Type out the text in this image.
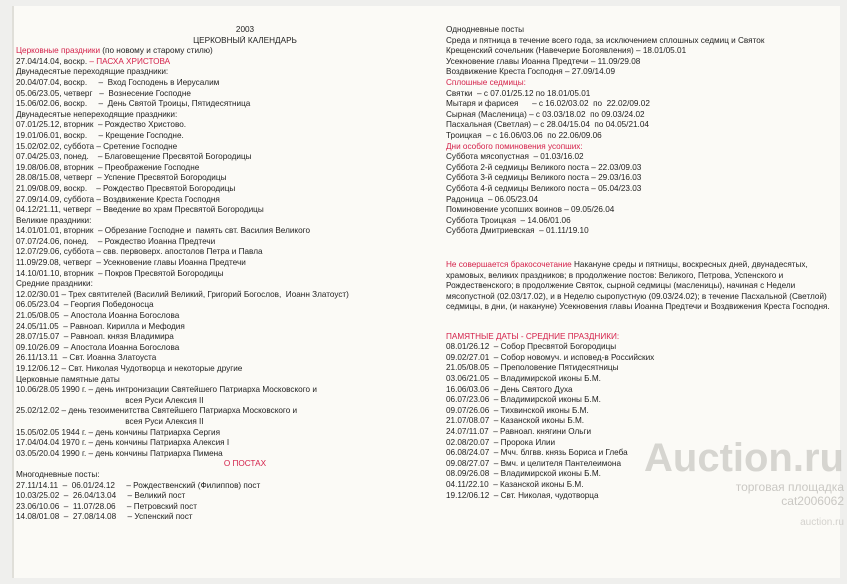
2003
ЦЕРКОВНЫЙ КАЛЕНДАРЬ
Церковные праздники (по новому и старому стилю)
27.04/14.04, воскр. – ПАСХА ХРИСТОВА
Двунадесятые переходящие праздники:
20.04/07.04, воскр.     –  Вход Господень в Иерусалим
05.06/23.05, четверг   –  Вознесение Господне
15.06/02.06, воскр.     –  День Святой Троицы, Пятидесятница
Двунадесятые непереходящие праздники:
07.01/25.12, вторник  – Рождество Христово.
19.01/06.01, воскр.     – Крещение Господне.
15.02/02.02, суббота – Сретение Господне
07.04/25.03, понед.    – Благовещение Пресвятой Богородицы
19.08/06.08, вторник  – Преображение Господне
28.08/15.08, четверг  – Успение Пресвятой Богородицы
21.09/08.09, воскр.    – Рождество Пресвятой Богородицы
27.09/14.09, суббота – Воздвижение Креста Господня
04.12/21.11, четверг  – Введение во храм Пресвятой Богородицы
Великие праздники:
14.01/01.01, вторник  – Обрезание Господне и  память свт. Василия Великого
07.07/24.06, понед.    – Рождество Иоанна Предтечи
12.07/29.06, суббота – свв. первоверх. апостолов Петра и Павла
11.09/29.08, четверг  – Усекновение главы Иоанна Предтечи
14.10/01.10, вторник  – Покров Пресвятой Богородицы
Средние праздники:
12.02/30.01 – Трех святителей (Василий Великий, Григорий Богослов,  Иоанн Златоуст)
06.05/23.04  – Георгия Победоносца
21.05/08.05  – Апостола Иоанна Богослова
24.05/11.05  – Равноап. Кирилла и Мефодия
28.07/15.07  – Равноап. князя Владимира
09.10/26.09  – Апостола Иоанна Богослова
26.11/13.11  – Свт. Иоанна Златоуста
19.12/06.12 – Свт. Николая Чудотворца и некоторые другие
Церковные памятные даты
10.06/28.05 1990 г. – день интронизации Святейшего Патриарха Московского и
всея Руси Алексия II
25.02/12.02 – день тезоименитства Святейшего Патриарха Московского и
всея Руси Алексия II
15.05/02.05 1944 г. – день кончины Патриарха Сергия
17.04/04.04 1970 г. – день кончины Патриарха Алексия I
03.05/20.04 1990 г. – день кончины Патриарха Пимена
О ПОСТАХ
Многодневные посты:
27.11/14.11  –  06.01/24.12     – Рождественский (Филиппов) пост
10.03/25.02  –  26.04/13.04     – Великий пост
23.06/10.06  –  11.07/28.06     – Петровский пост
14.08/01.08  –  27.08/14.08     – Успенский пост
Однодневные посты
Среда и пятница в течение всего года, за исключением сплошных седмиц и Святок
Крещенский сочельник (Навечерие Богоявления) – 18.01/05.01
Усекновение главы Иоанна Предтечи – 11.09/29.08
Воздвижение Креста Господня – 27.09/14.09
Сплошные седмицы:
Святки  – с 07.01/25.12 по 18.01/05.01
Мытаря и фарисея      – с 16.02/03.02  по  22.02/09.02
Сырная (Масленица) – с 03.03/18.02  по 09.03/24.02
Пасхальная (Светлая) – с 28.04/15.04  по 04.05/21.04
Троицкая  – с 16.06/03.06  по 22.06/09.06
Дни особого поминовения усопших:
Суббота мясопустная  – 01.03/16.02
Суббота 2-й седмицы Великого поста – 22.03/09.03
Суббота 3-й седмицы Великого поста – 29.03/16.03
Суббота 4-й седмицы Великого поста – 05.04/23.03
Радоница  – 06.05/23.04
Поминовение усопших воинов – 09.05/26.04
Суббота Троицкая  – 14.06/01.06
Суббота Дмитриевская  – 01.11/19.10
Не совершается бракосочетание Накануне среды и пятницы, воскресных дней, двунадесятых, храмовых, великих праздников; в продолжение постов: Великого, Петрова, Успенского и Рождественского; в продолжение Святок, сырной седмицы (масленицы), начиная с Недели мясопустной (02.03/17.02), и в Неделю сыропустную (09.03/24.02); в течение Пасхальной (Светлой) седмицы, в дни, (и накануне) Усекновения главы Иоанна Предтечи и Воздвижения Креста Господня.
ПАМЯТНЫЕ ДАТЫ - СРЕДНИЕ ПРАЗДНИКИ:
08.01/26.12  – Собор Пресвятой Богородицы
09.02/27.01  – Собор новомуч. и исповед-в Российских
21.05/08.05  – Преполовение Пятидесятницы
03.06/21.05  – Владимирской иконы Б.М.
16.06/03.06  – День Святого Духа
06.07/23.06  – Владимирской иконы Б.М.
09.07/26.06  – Тихвинской иконы Б.М.
21.07/08.07  – Казанской иконы Б.М.
24.07/11.07  – Равноап. княгини Ольги
02.08/20.07  – Пророка Илии
06.08/24.07  – Мчч. блгвв. князь Бориса и Глеба
09.08/27.07  – Вмч. и целителя Пантелеимона
08.09/26.08  – Владимирской иконы Б.М.
04.11/22.10  – Казанской иконы Б.М.
19.12/06.12  – Свт. Николая, чудотворца
Auction.ru
торговая площадка
cat2006062
auction.ru
